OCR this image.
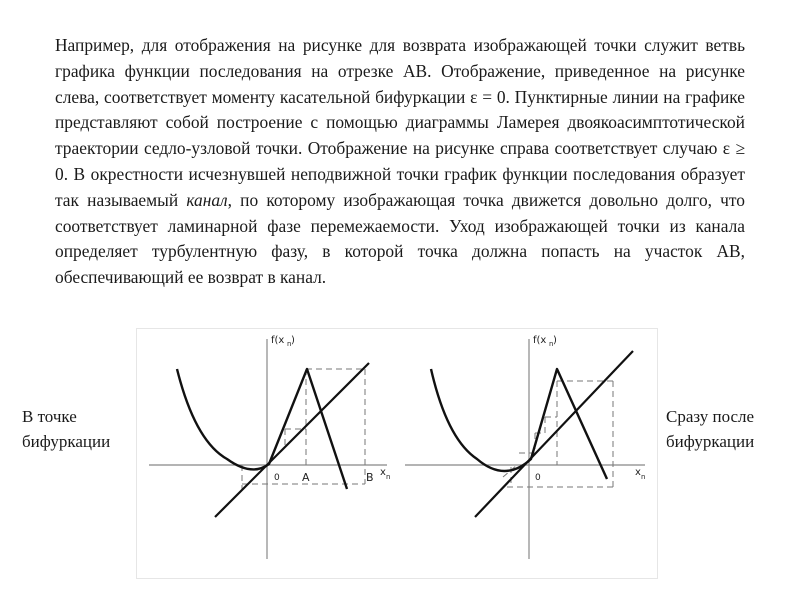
Например, для отображения на рисунке для возврата изображающей точки служит ветвь графика функции последования на отрезке AB. Отображение, приведенное на рисунке слева, соответствует моменту касательной бифуркации ε = 0. Пунктирные линии на графике представляют собой построение с помощью диаграммы Ламерея двоякоасимптотической траектории седло-узловой точки. Отображение на рисунке справа соответствует случаю ε ≥ 0. В окрестности исчезнувшей неподвижной точки график функции последования образует так называемый канал, по которому изображающая точка движется довольно долго, что соответствует ламинарной фазе перемежаемости. Уход изображающей точки из канала определяет турбулентную фазу, в которой точка должна попасть на участок AB, обеспечивающий ее возврат в канал.

В точке бифуркации
Сразу после бифуркации
f(x n )
x n
0 A	B
f(x n )
x n
0
